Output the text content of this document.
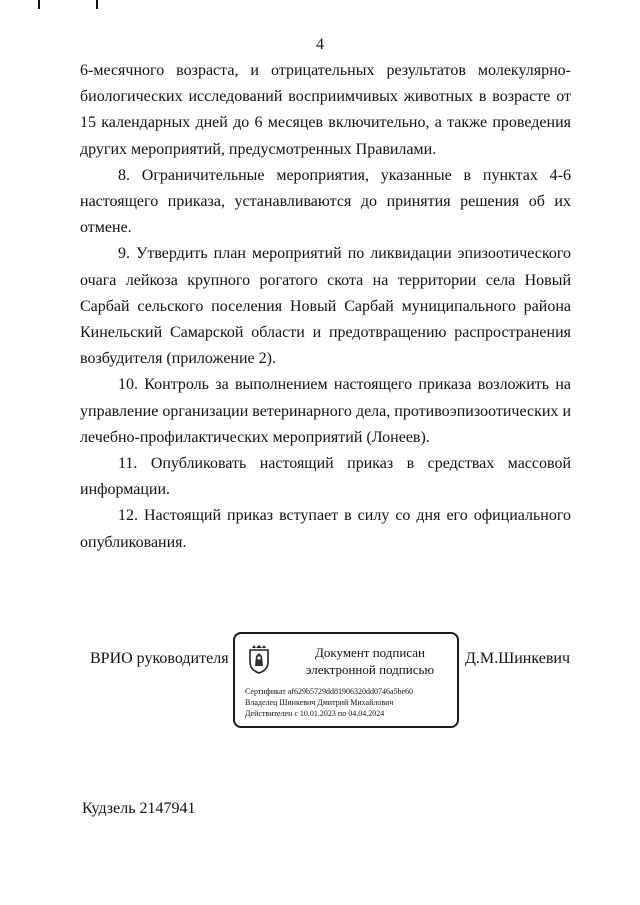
4

6-месячного возраста, и отрицательных результатов молекулярно-биологических исследований восприимчивых животных в возрасте от 15 календарных дней до 6 месяцев включительно, а также проведения других мероприятий, предусмотренных Правилами.

8. Ограничительные мероприятия, указанные в пунктах 4-6 настоящего приказа, устанавливаются до принятия решения об их отмене.

9. Утвердить план мероприятий по ликвидации эпизоотического очага лейкоза крупного рогатого скота на территории села Новый Сарбай сельского поселения Новый Сарбай муниципального района Кинельский Самарской области и предотвращению распространения возбудителя (приложение 2).

10. Контроль за выполнением настоящего приказа возложить на управление организации ветеринарного дела, противоэпизоотических и лечебно-профилактических мероприятий (Лонеев).

11. Опубликовать настоящий приказ в средствах массовой информации.

12. Настоящий приказ вступает в силу со дня его официального опубликования.

ВРИО руководителя	Документ подписан
электронной подписью
Сертификат af629b5729dd81906320dd0746a5be60
Владелец Шинкевич Дмитрий Михайлович
Действителен с 10.01.2023 по 04.04.2024
Д.М.Шинкевич
Кудзель 2147941
